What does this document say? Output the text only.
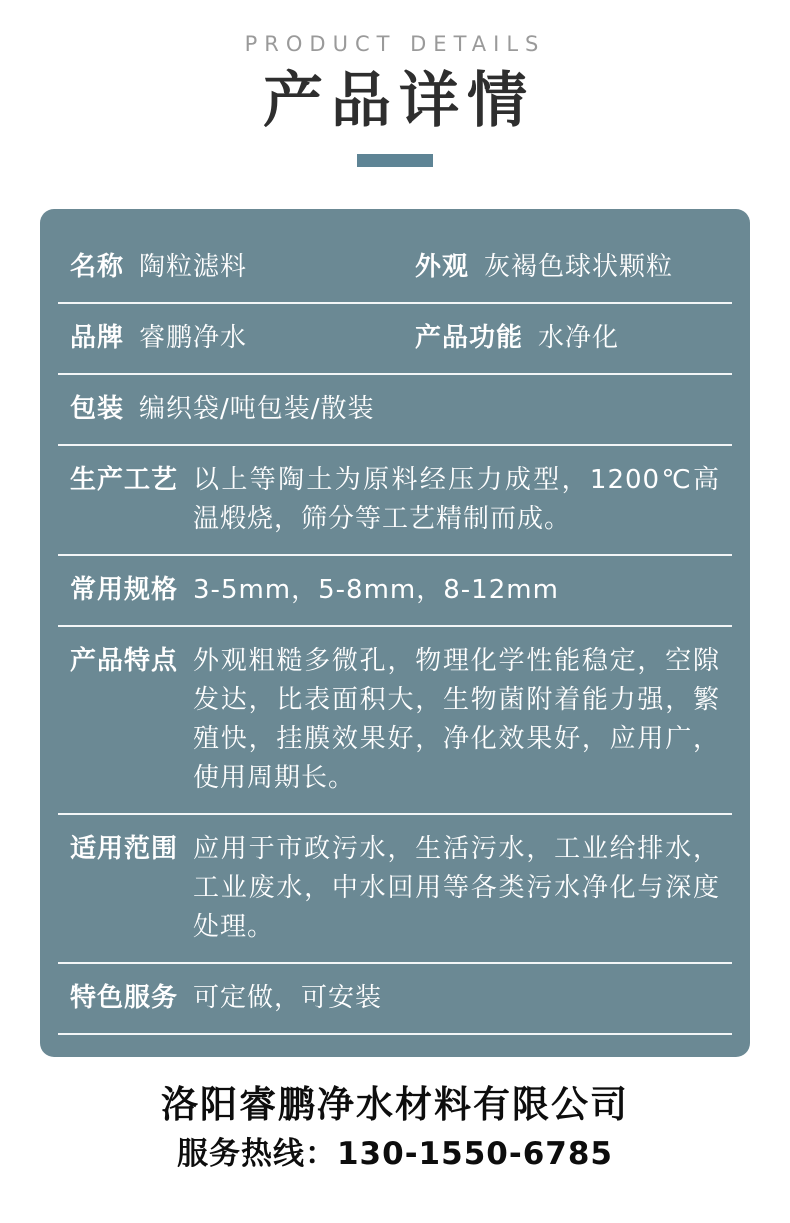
PRODUCT DETAILS
产品详情
名称 陶粒滤料	外观 灰褐色球状颗粒
品牌 睿鹏净水	产品功能 水净化
包装 编织袋/吨包装/散装
生产工艺 以上等陶土为原料经压力成型，1200℃高温煅烧，筛分等工艺精制而成。
常用规格 3-5mm，5-8mm，8-12mm
产品特点 外观粗糙多微孔，物理化学性能稳定，空隙发达，比表面积大，生物菌附着能力强，繁殖快，挂膜效果好，净化效果好，应用广，使用周期长。
适用范围 应用于市政污水，生活污水，工业给排水，工业废水，中水回用等各类污水净化与深度处理。
特色服务 可定做，可安装
洛阳睿鹏净水材料有限公司
服务热线：130-1550-6785
